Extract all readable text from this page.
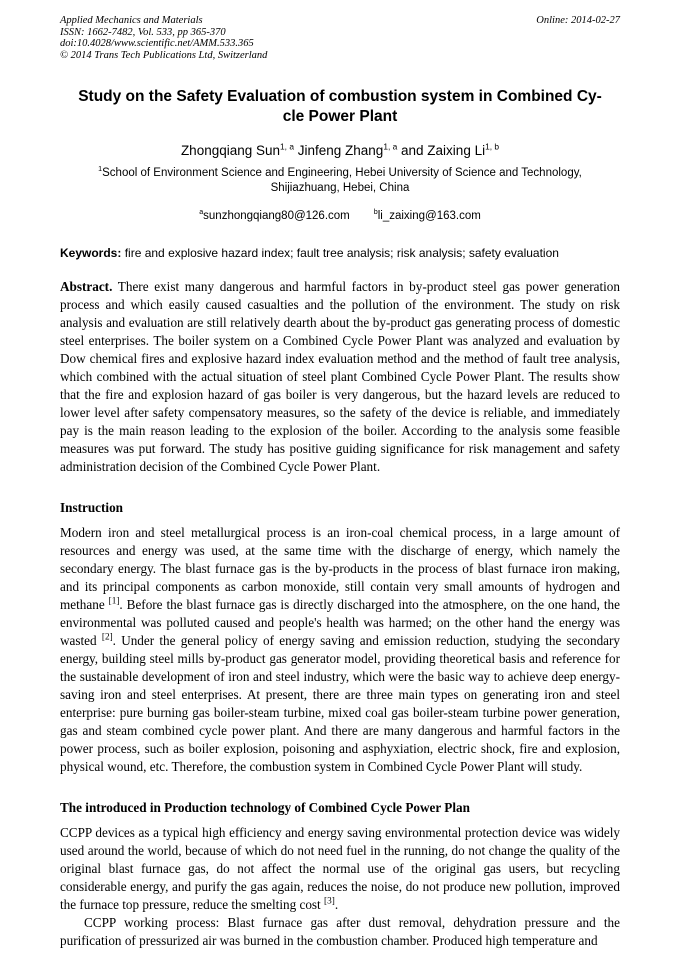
Applied Mechanics and Materials
ISSN: 1662-7482, Vol. 533, pp 365-370
doi:10.4028/www.scientific.net/AMM.533.365
© 2014 Trans Tech Publications Ltd, Switzerland
Online: 2014-02-27
Study on the Safety Evaluation of combustion system in Combined Cy-
cle Power Plant
Zhongqiang Sun$^{1, a}$ Jinfeng Zhang$^{1, a}$ and Zaixing Li$^{1, b}$
$^1$School of Environment Science and Engineering, Hebei University of Science and Technology, Shijiazhuang, Hebei, China
$^a$sunzhongqiang80@126.com	$^b$li_zaixing@163.com

Keywords: fire and explosive hazard index; fault tree analysis; risk analysis; safety evaluation

Abstract. There exist many dangerous and harmful factors in by-product steel gas power generation process and which easily caused casualties and the pollution of the environment. The study on risk analysis and evaluation are still relatively dearth about the by-product gas generating process of domestic steel enterprises. The boiler system on a Combined Cycle Power Plant was analyzed and evaluation by Dow chemical fires and explosive hazard index evaluation method and the method of fault tree analysis, which combined with the actual situation of steel plant Combined Cycle Power Plant. The results show that the fire and explosion hazard of gas boiler is very dangerous, but the hazard levels are reduced to lower level after safety compensatory measures, so the safety of the device is reliable, and immediately pay is the main reason leading to the explosion of the boiler. According to the analysis some feasible measures was put forward. The study has positive guiding significance for risk management and safety administration decision of the Combined Cycle Power Plant.

Instruction

Modern iron and steel metallurgical process is an iron-coal chemical process, in a large amount of resources and energy was used, at the same time with the discharge of energy, which namely the secondary energy. The blast furnace gas is the by-products in the process of blast furnace iron making, and its principal components as carbon monoxide, still contain very small amounts of hydrogen and methane [1]. Before the blast furnace gas is directly discharged into the atmosphere, on the one hand, the environmental was polluted caused and people's health was harmed; on the other hand the energy was wasted [2]. Under the general policy of energy saving and emission reduction, studying the secondary energy, building steel mills by-product gas generator model, providing theoretical basis and reference for the sustainable development of iron and steel industry, which were the basic way to achieve deep energy-saving iron and steel enterprises. At present, there are three main types on generating iron and steel enterprise: pure burning gas boiler-steam turbine, mixed coal gas boiler-steam turbine power generation, gas and steam combined cycle power plant. And there are many dangerous and harmful factors in the power process, such as boiler explosion, poisoning and asphyxiation, electric shock, fire and explosion, physical wound, etc. Therefore, the combustion system in Combined Cycle Power Plant will study.

The introduced in Production technology of Combined Cycle Power Plan

CCPP devices as a typical high efficiency and energy saving environmental protection device was widely used around the world, because of which do not need fuel in the running, do not change the quality of the original blast furnace gas, do not affect the normal use of the original gas users, but recycling considerable energy, and purify the gas again, reduces the noise, do not produce new pollution, improved the furnace top pressure, reduce the smelting cost [3].

CCPP working process: Blast furnace gas after dust removal, dehydration pressure and the purification of pressurized air was burned in the combustion chamber. Produced high temperature and
